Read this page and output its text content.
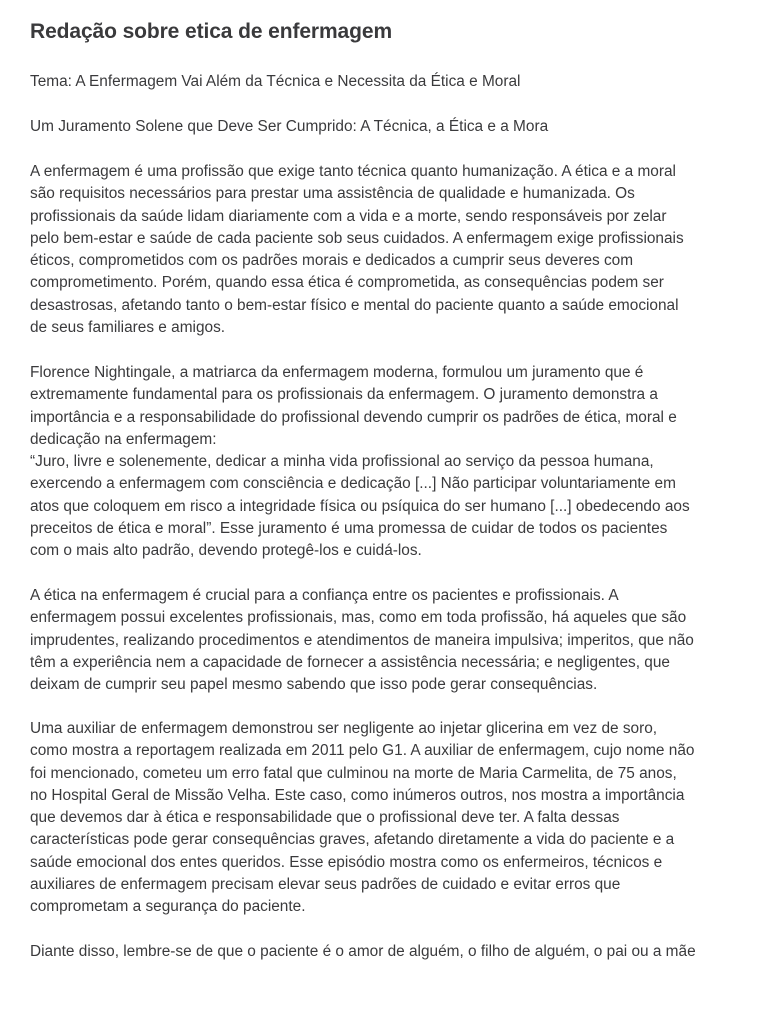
Redação sobre etica de enfermagem
Tema: A Enfermagem Vai Além da Técnica e Necessita da Ética e Moral
Um Juramento Solene que Deve Ser Cumprido: A Técnica, a Ética e a Mora
A enfermagem é uma profissão que exige tanto técnica quanto humanização. A ética e a moral
são requisitos necessários para prestar uma assistência de qualidade e humanizada. Os
profissionais da saúde lidam diariamente com a vida e a morte, sendo responsáveis por zelar
pelo bem-estar e saúde de cada paciente sob seus cuidados. A enfermagem exige profissionais
éticos, comprometidos com os padrões morais e dedicados a cumprir seus deveres com
comprometimento. Porém, quando essa ética é comprometida, as consequências podem ser
desastrosas, afetando tanto o bem-estar físico e mental do paciente quanto a saúde emocional
de seus familiares e amigos.
Florence Nightingale, a matriarca da enfermagem moderna, formulou um juramento que é
extremamente fundamental para os profissionais da enfermagem. O juramento demonstra a
importância e a responsabilidade do profissional devendo cumprir os padrões de ética, moral e
dedicação na enfermagem:
“Juro, livre e solenemente, dedicar a minha vida profissional ao serviço da pessoa humana,
exercendo a enfermagem com consciência e dedicação [...] Não participar voluntariamente em
atos que coloquem em risco a integridade física ou psíquica do ser humano [...] obedecendo aos
preceitos de ética e moral”. Esse juramento é uma promessa de cuidar de todos os pacientes
com o mais alto padrão, devendo protegê-los e cuidá-los.
A ética na enfermagem é crucial para a confiança entre os pacientes e profissionais. A
enfermagem possui excelentes profissionais, mas, como em toda profissão, há aqueles que são
imprudentes, realizando procedimentos e atendimentos de maneira impulsiva; imperitos, que não
têm a experiência nem a capacidade de fornecer a assistência necessária; e negligentes, que
deixam de cumprir seu papel mesmo sabendo que isso pode gerar consequências.
Uma auxiliar de enfermagem demonstrou ser negligente ao injetar glicerina em vez de soro,
como mostra a reportagem realizada em 2011 pelo G1. A auxiliar de enfermagem, cujo nome não
foi mencionado, cometeu um erro fatal que culminou na morte de Maria Carmelita, de 75 anos,
no Hospital Geral de Missão Velha. Este caso, como inúmeros outros, nos mostra a importância
que devemos dar à ética e responsabilidade que o profissional deve ter. A falta dessas
características pode gerar consequências graves, afetando diretamente a vida do paciente e a
saúde emocional dos entes queridos. Esse episódio mostra como os enfermeiros, técnicos e
auxiliares de enfermagem precisam elevar seus padrões de cuidado e evitar erros que
comprometam a segurança do paciente.
Diante disso, lembre-se de que o paciente é o amor de alguém, o filho de alguém, o pai ou a mãe
